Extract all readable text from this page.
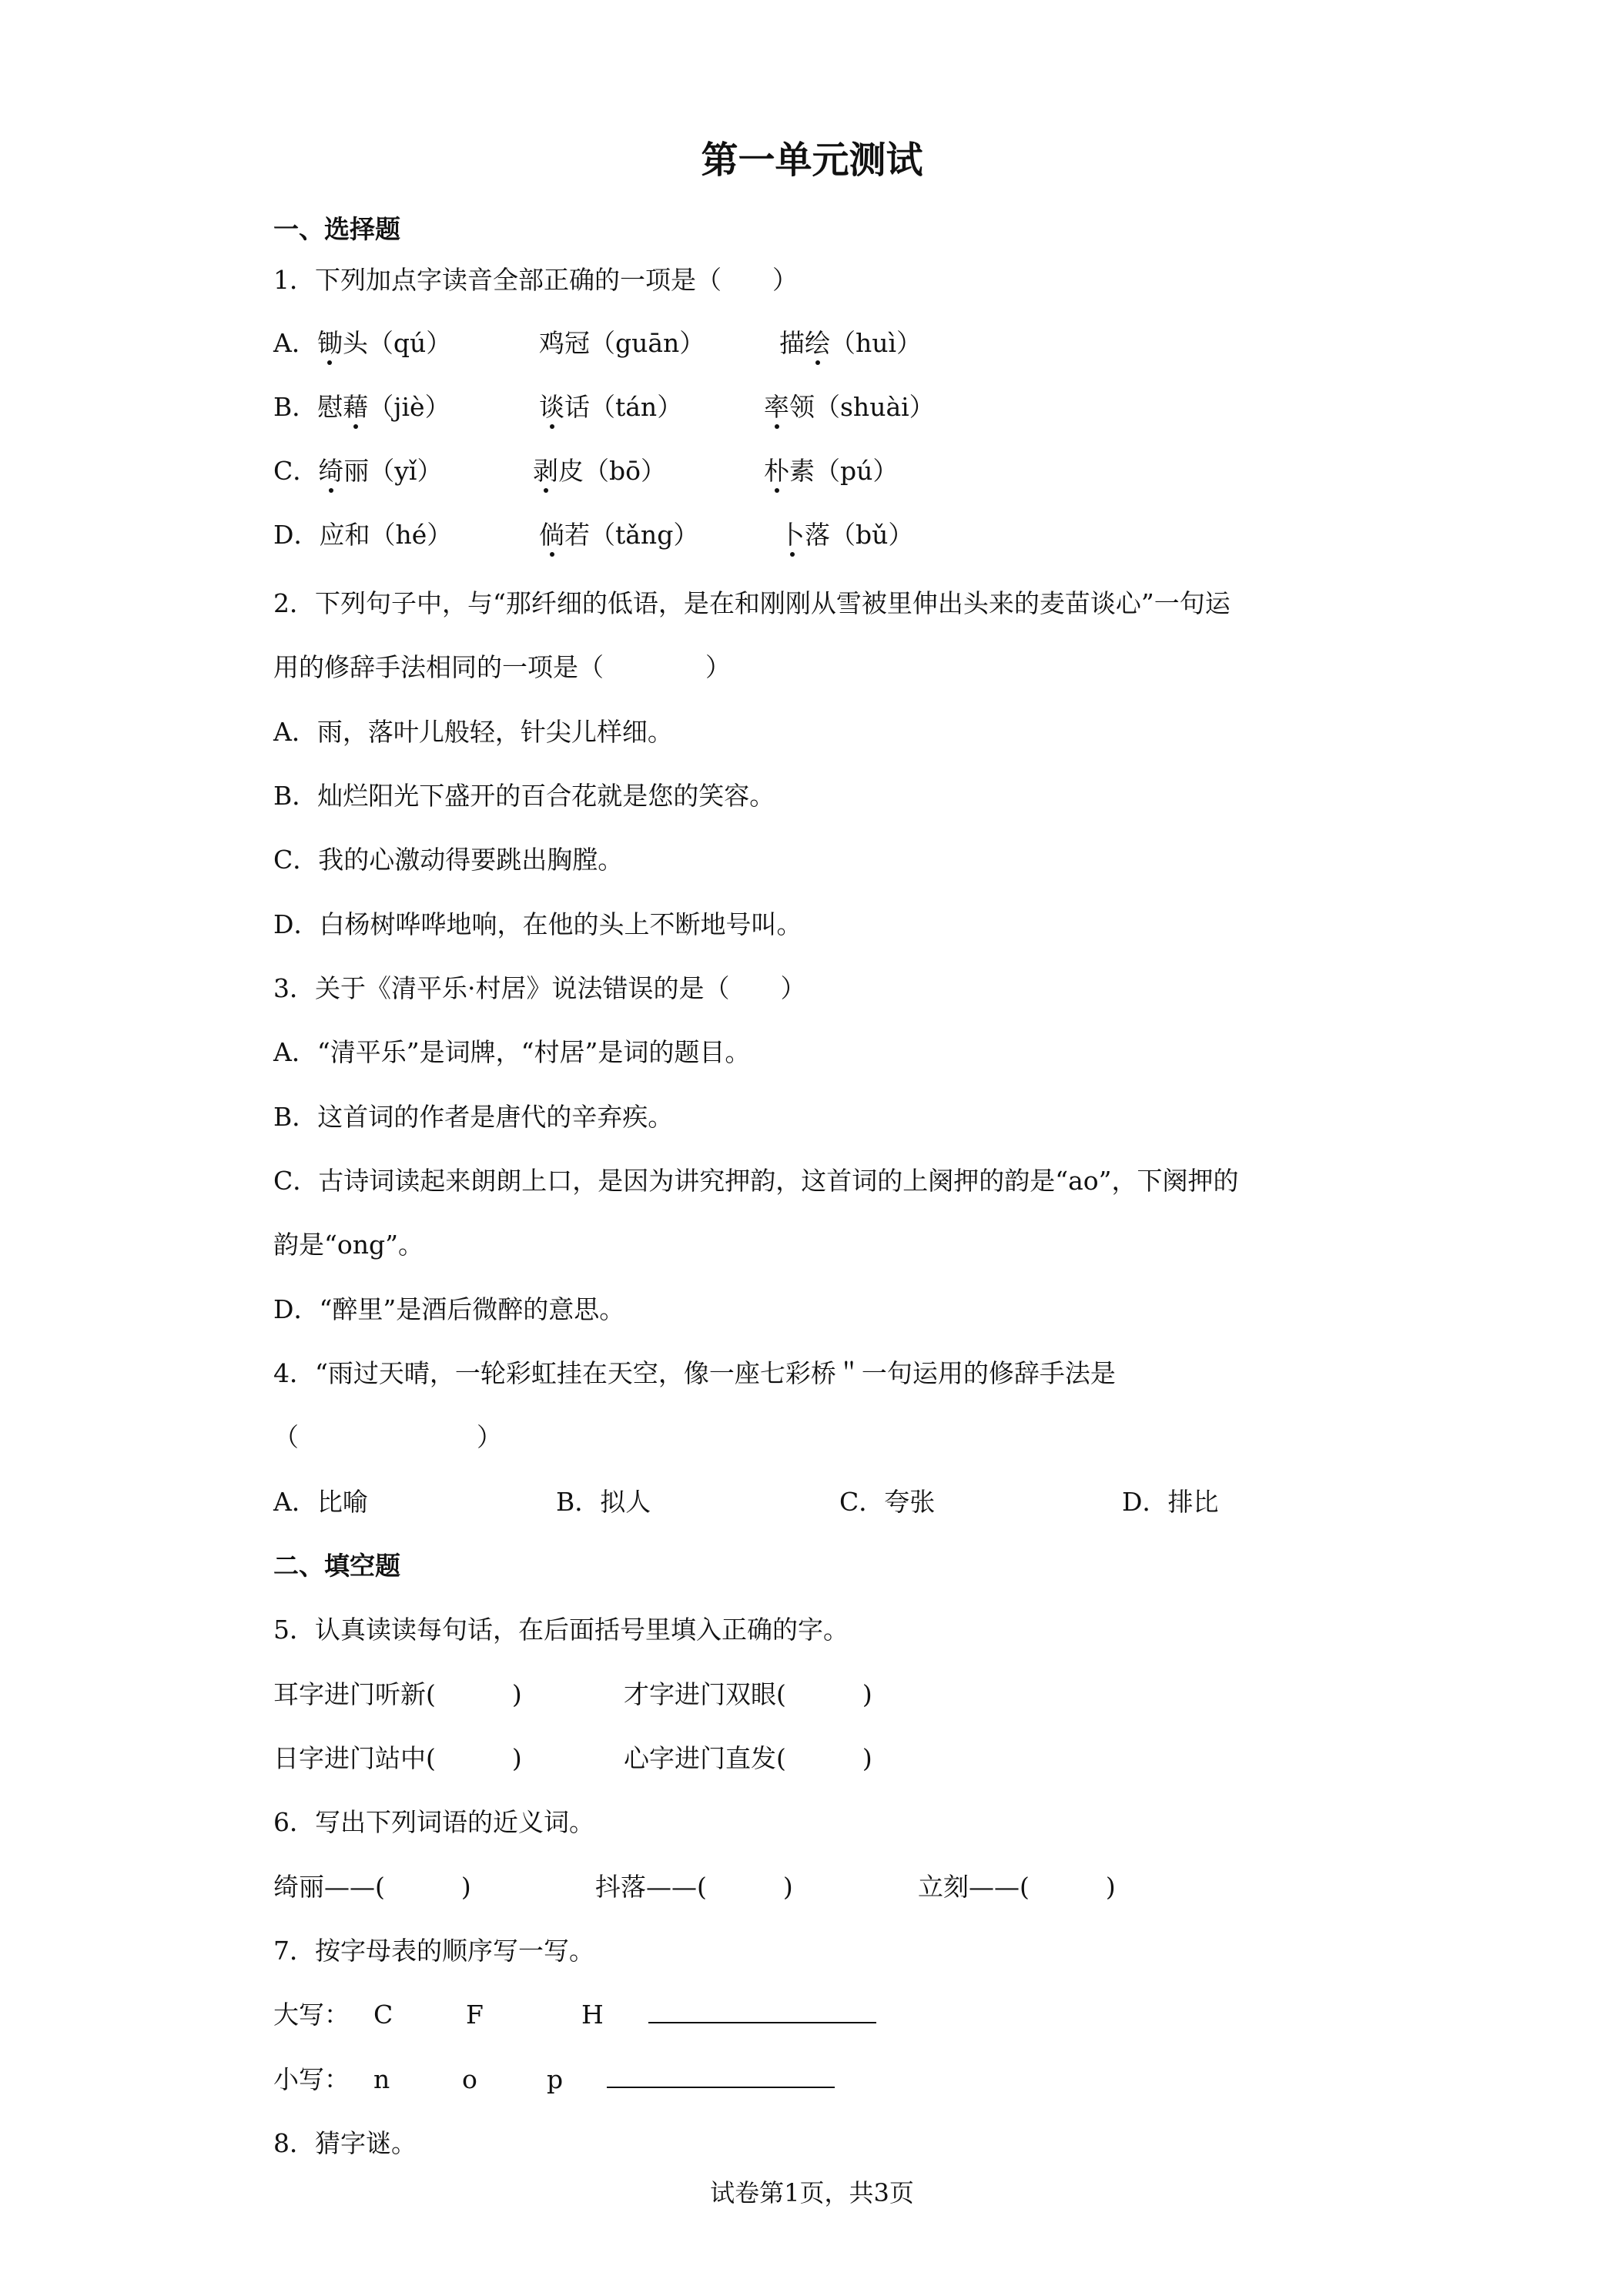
第一单元测试
一、选择题
1．下列加点字读音全部正确的一项是（　　）
A．锄头（qú）	鸡冠（guān）	描绘（huì）
B．慰藉（jiè）	谈话（tán）	率领（shuài）
C．绮丽（yǐ）	剥皮（bō）	朴素（pú）
D．应和（hé）	倘若（tǎng）	卜落（bǔ）
2．下列句子中，与“那纤细的低语，是在和刚刚从雪被里伸出头来的麦苗谈心”一句运
用的修辞手法相同的一项是（　　　　）
A．雨，落叶儿般轻，针尖儿样细。
B．灿烂阳光下盛开的百合花就是您的笑容。
C．我的心激动得要跳出胸膛。
D．白杨树哗哗地响，在他的头上不断地号叫。
3．关于《清平乐·村居》说法错误的是（　　）
A．“清平乐”是词牌，“村居”是词的题目。
B．这首词的作者是唐代的辛弃疾。
C．古诗词读起来朗朗上口，是因为讲究押韵，这首词的上阕押的韵是“ao”，下阕押的
韵是“ong”。
D．“醉里”是酒后微醉的意思。
4．“雨过天晴，一轮彩虹挂在天空，像一座七彩桥＂一句运用的修辞手法是
（　　　　　　　）
A．比喻	B．拟人	C．夸张	D．排比
二、填空题
5．认真读读每句话，在后面括号里填入正确的字。
耳字进门听新(　　　)	才字进门双眼(　　　)
日字进门站中(　　　)	心字进门直发(　　　)
6．写出下列词语的近义词。
绮丽——(　　　)	抖落——(　　　)	立刻——(　　　)
7．按字母表的顺序写一写。
大写： C	F	H
小写： n	o	p
8．猜字谜。
试卷第1页，共3页
